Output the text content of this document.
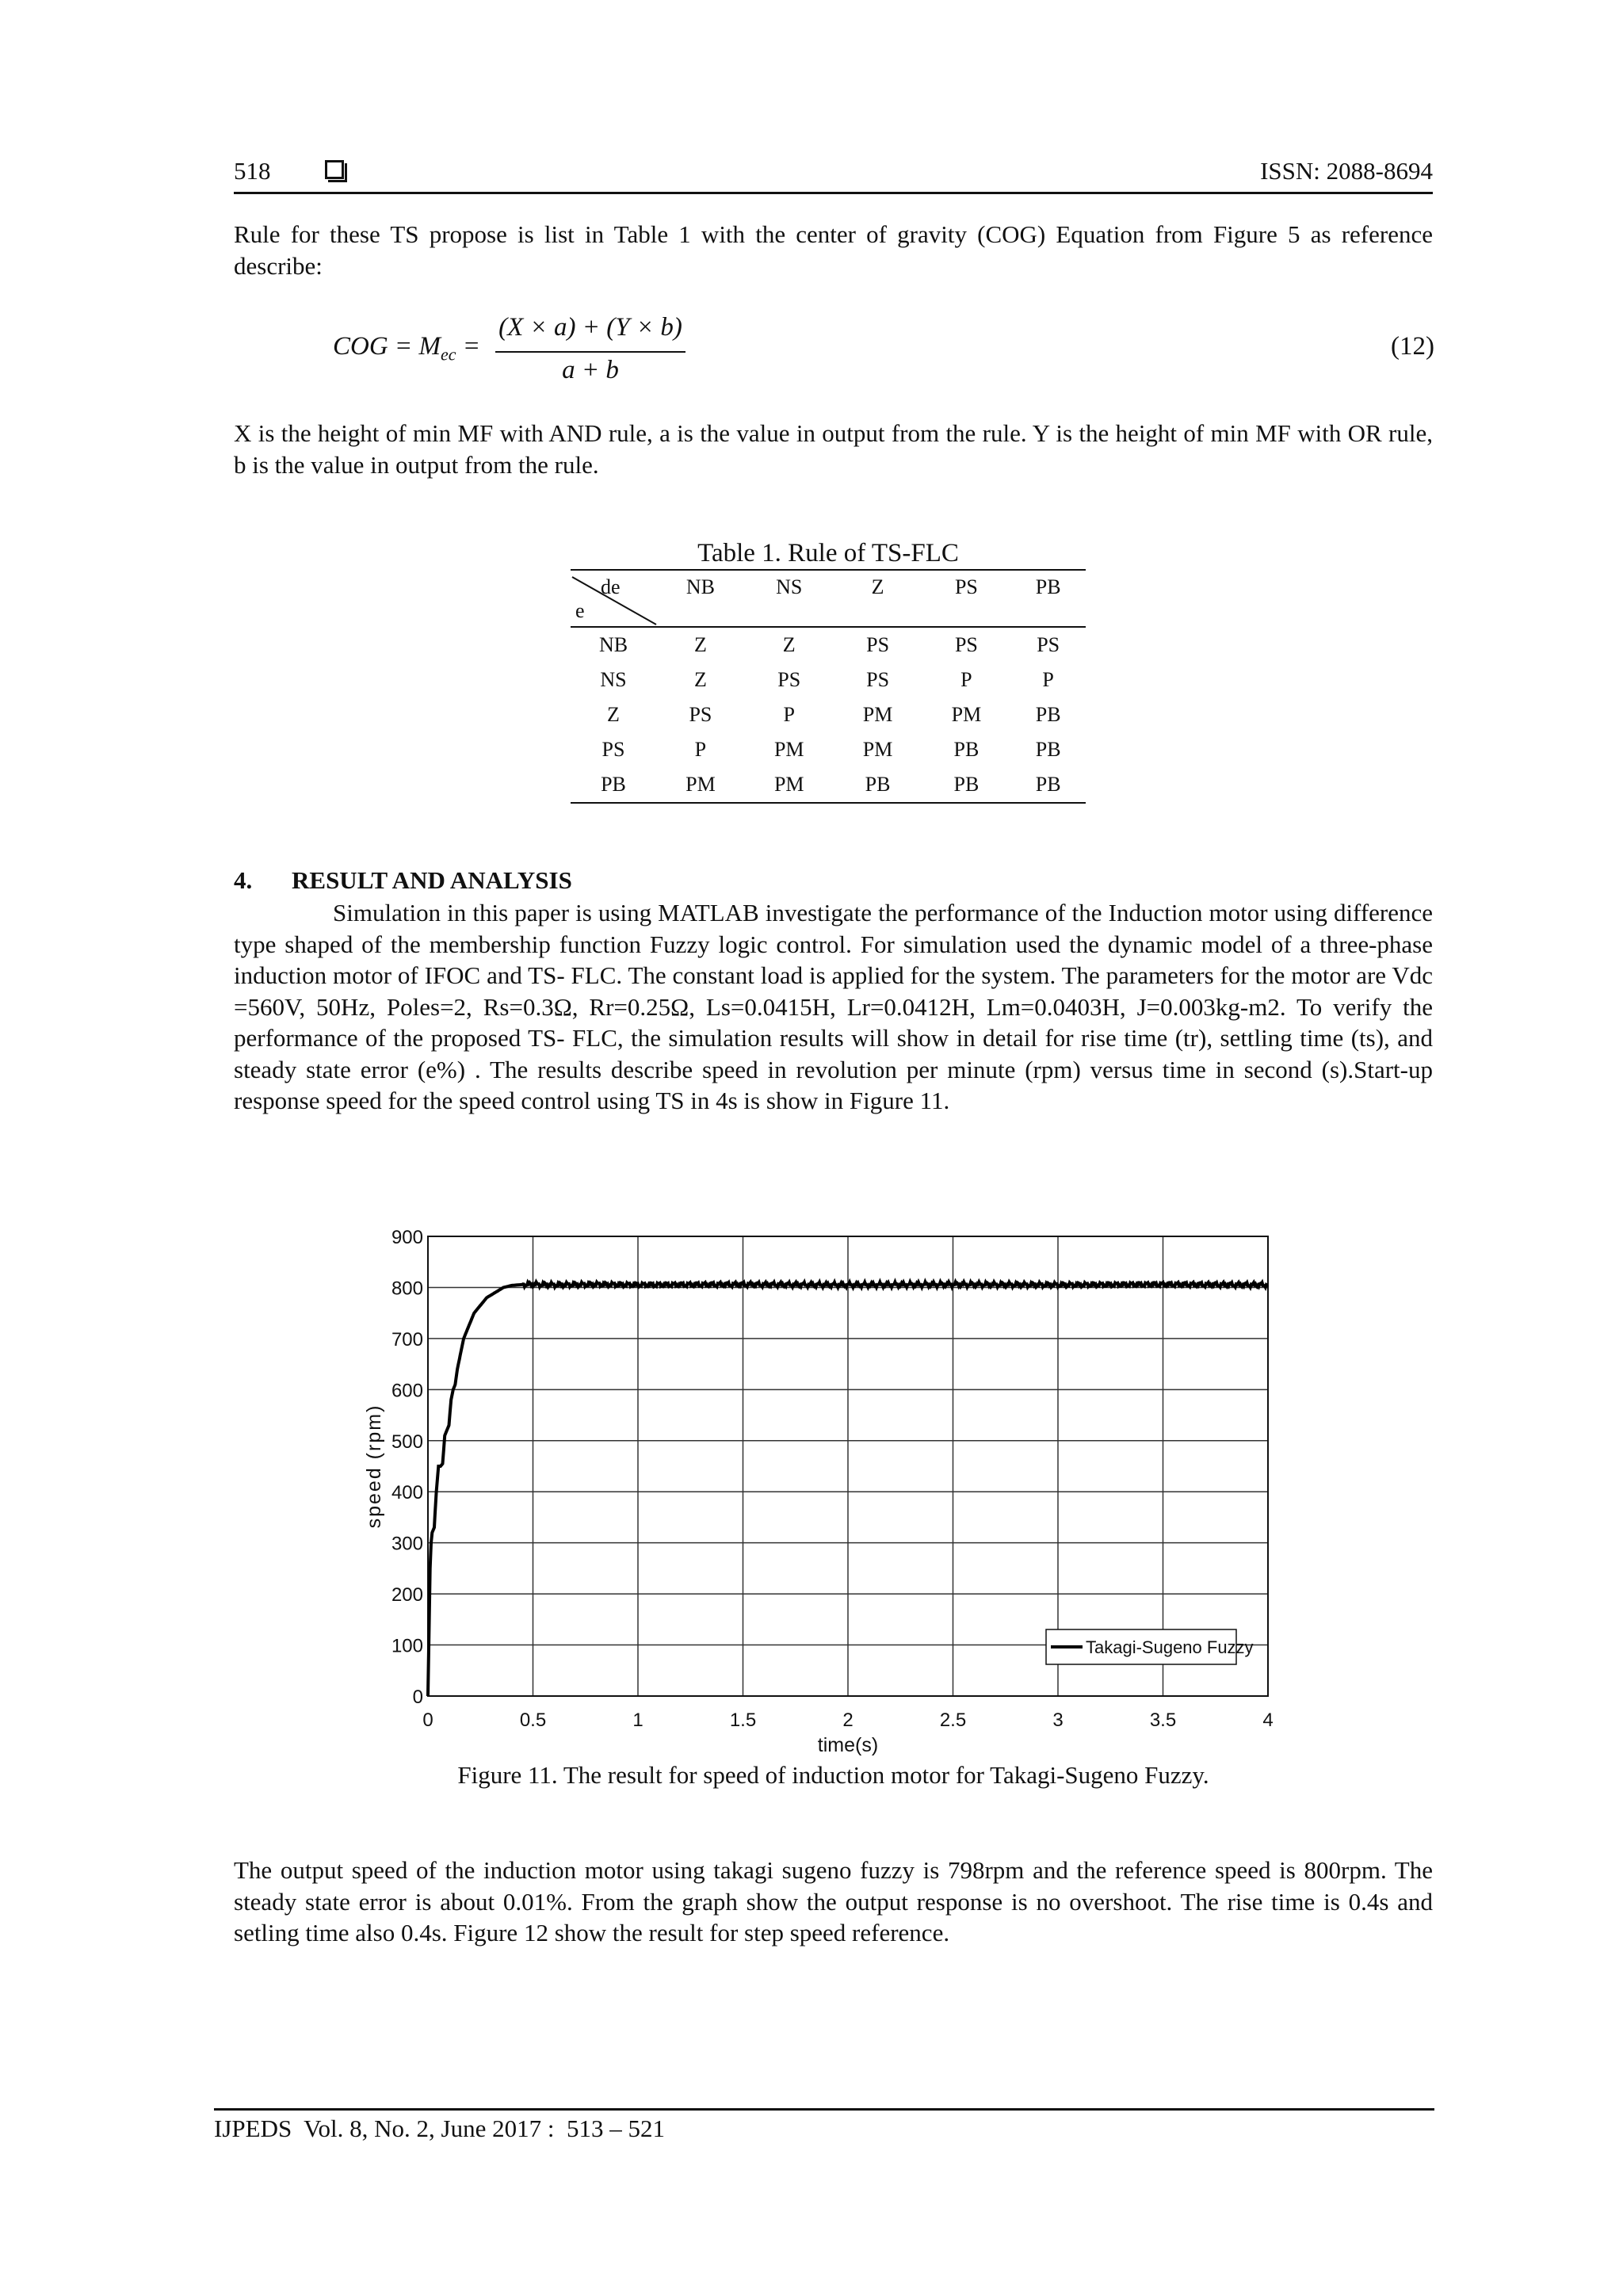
518	ISSN: 2088-8694
Rule for these TS propose is list in Table 1 with the center of gravity (COG) Equation from Figure 5 as reference describe:
COG = $M_{ec}$ =
(X × a) + (Y × b)
a + b
(12)
X is the height of min MF with AND rule, a is the value in output from the rule. Y is the height of min MF with OR rule, b is the value in output from the rule.
Table 1. Rule of TS-FLC
de
e	NB	NS	Z	PS	PB
NB	Z	Z	PS	PS	PS
NS	Z	PS	PS	P	P
Z	PS	P	PM	PM	PB
PS	P	PM	PM	PB	PB
PB	PM	PM	PB	PB	PB
4. RESULT AND ANALYSIS
Simulation in this paper is using MATLAB investigate the performance of the Induction motor using difference type shaped of the membership function Fuzzy logic control. For simulation used the dynamic model of a three-phase induction motor of IFOC and TS- FLC. The constant load is applied for the system. The parameters for the motor are Vdc =560V, 50Hz, Poles=2, Rs=0.3Ω, Rr=0.25Ω, Ls=0.0415H, Lr=0.0412H, Lm=0.0403H, J=0.003kg-m2. To verify the performance of the proposed TS- FLC, the simulation results will show in detail for rise time (tr), settling time (ts), and steady state error (e%) . The results describe speed in revolution per minute (rpm) versus time in second (s).Start-up response speed for the speed control using TS in 4s is show in Figure 11.
0	0.5	1	1.5	2	2.5	3	3.5	4
0
100
200
300
400
500
600
700
800
900
time(s)
speed (rpm)
Takagi-Sugeno Fuzzy
Figure 11. The result for speed of induction motor for Takagi-Sugeno Fuzzy.
The output speed of the induction motor using takagi sugeno fuzzy is 798rpm and the reference speed is 800rpm. The steady state error is about 0.01%. From the graph show the output response is no overshoot. The rise time is 0.4s and setling time also 0.4s. Figure 12 show the result for step speed reference.
IJPEDS  Vol. 8, No. 2, June 2017 :  513 – 521
